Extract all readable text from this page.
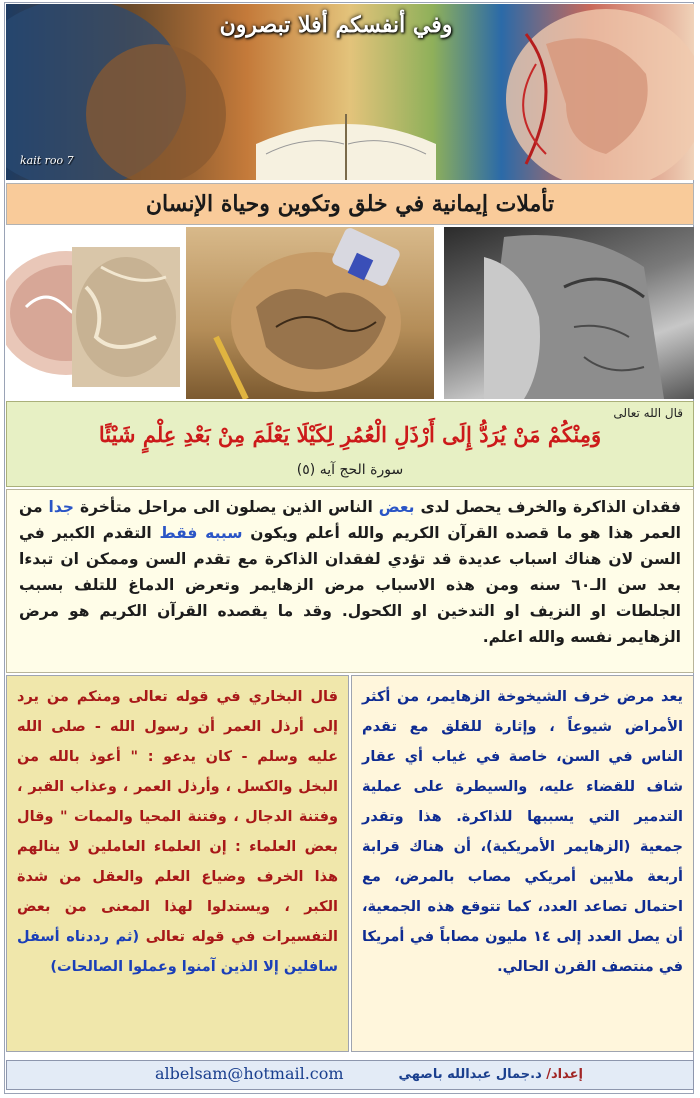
وفي أنفسكم أفلا تبصرون
kait roo 7
تأملات إيمانية في خلق وتكوين وحياة الإنسان
قال الله تعالى
وَمِنْكُمْ مَنْ يُرَدُّ إِلَى أَرْذَلِ الْعُمُرِ لِكَيْلَا يَعْلَمَ مِنْ بَعْدِ عِلْمٍ شَيْئًا
سورة الحج آيه (٥)

فقدان الذاكرة والخرف يحصل لدى بعض الناس الذين يصلون الى مراحل متأخرة جدا من العمر هذا هو ما قصده القرآن الكريم والله أعلم ويكون سببه فقط التقدم الكبير في السن لان هناك اسباب عديدة قد تؤدي لفقدان الذاكرة مع تقدم السن وممكن ان تبدءا بعد سن الـ٦٠ سنه ومن هذه الاسباب مرض الزهايمر وتعرض الدماغ للتلف بسبب الجلطات او النزيف او التدخين او الكحول. وقد ما يقصده القرآن الكريم هو مرض الزهايمر نفسه والله اعلم.

قال البخاري في قوله تعالى ومنكم من يرد إلى أرذل العمر أن رسول الله - صلى الله عليه وسلم - كان يدعو : " أعوذ بالله من البخل والكسل ، وأرذل العمر ، وعذاب القبر ، وفتنة الدجال ، وفتنة المحيا والممات " وقال بعض العلماء : إن العلماء العاملين لا ينالهم هذا الخرف وضياع العلم والعقل من شدة الكبر ، ويستدلوا لهذا المعنى من بعض التفسيرات في قوله تعالى (ثم رددناه أسفل سافلين إلا الذين آمنوا وعملوا الصالحات)

يعد مرض خرف الشيخوخة الزهايمر، من أكثر الأمراض شيوعاً ، وإثارة للقلق مع تقدم الناس في السن، خاصة في غياب أي عقار شاف للقضاء عليه، والسيطرة على عملية التدمير التي يسببها للذاكرة. هذا وتقدر جمعية (الزهايمر الأمريكية)، أن هناك قرابة أربعة ملايين أمريكي مصاب بالمرض، مع احتمال تصاعد العدد، كما تتوقع هذه الجمعية، أن يصل العدد إلى ١٤ مليون مصاباً في أمريكا في منتصف القرن الحالي.

albelsam@hotmail.com	إعداد/ د.جمال عبدالله باصهي
